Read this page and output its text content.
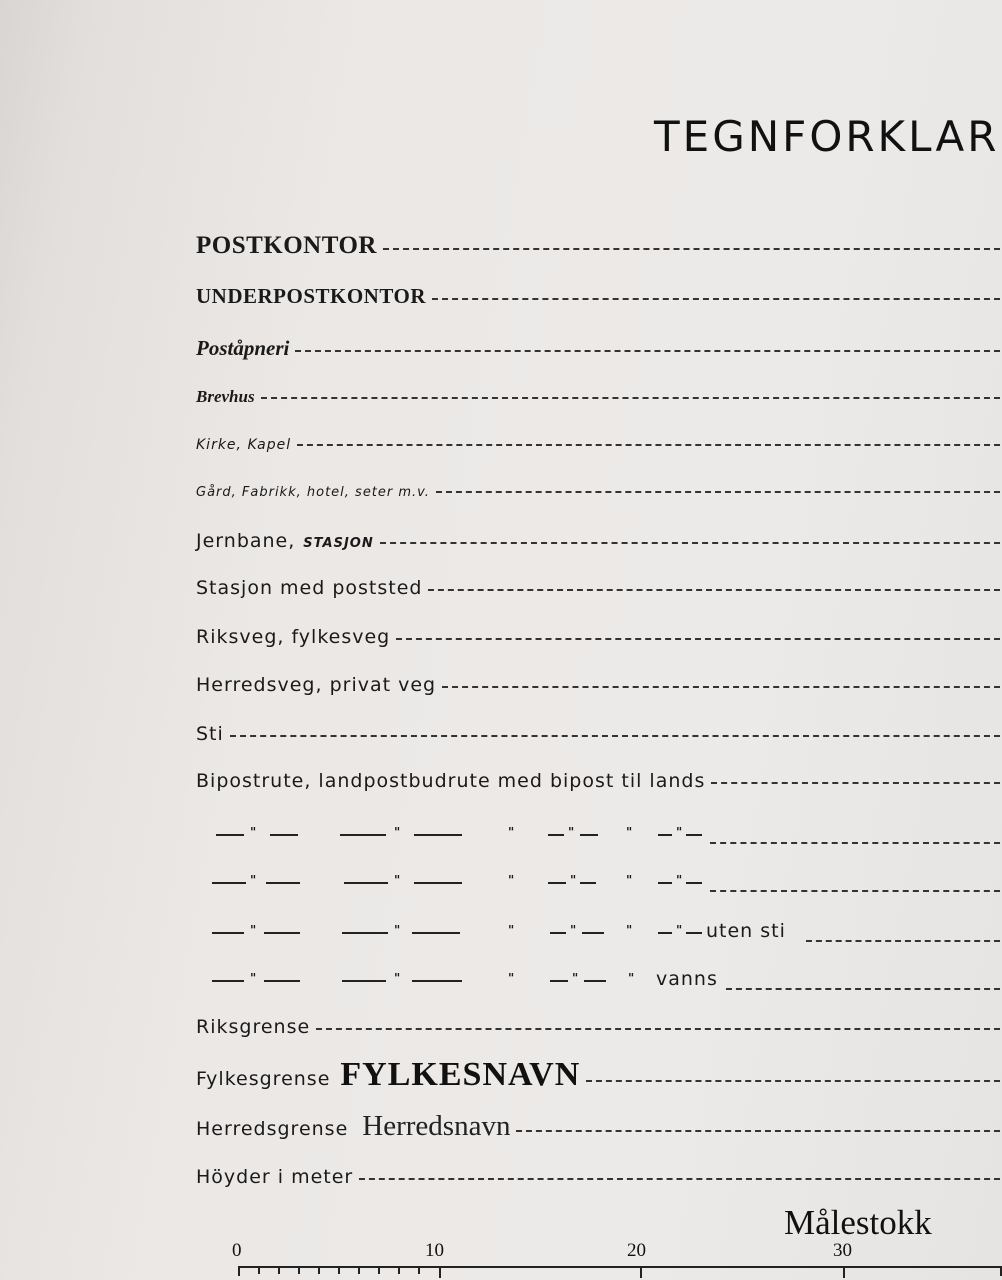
TEGNFORKLAR
POSTKONTOR
UNDERPOSTKONTOR
Poståpneri
Brevhus
Kirke, Kapel
Gård, Fabrikk, hotel, seter m.v.
Jernbane, STASJON
Stasjon med poststed
Riksveg, fylkesveg
Herredsveg, privat veg
Sti
Bipostrute, landpostbudrute med bipost til lands
"	"	"	"	"	"
"	"	"	"	"	"
"	"	"	"	"	" uten sti
"	"	"	"	" vanns
Riksgrense
Fylkesgrense FYLKESNAVN
Herredsgrense Herredsnavn
Höyder i meter
Målestokk
0	10	20	30
